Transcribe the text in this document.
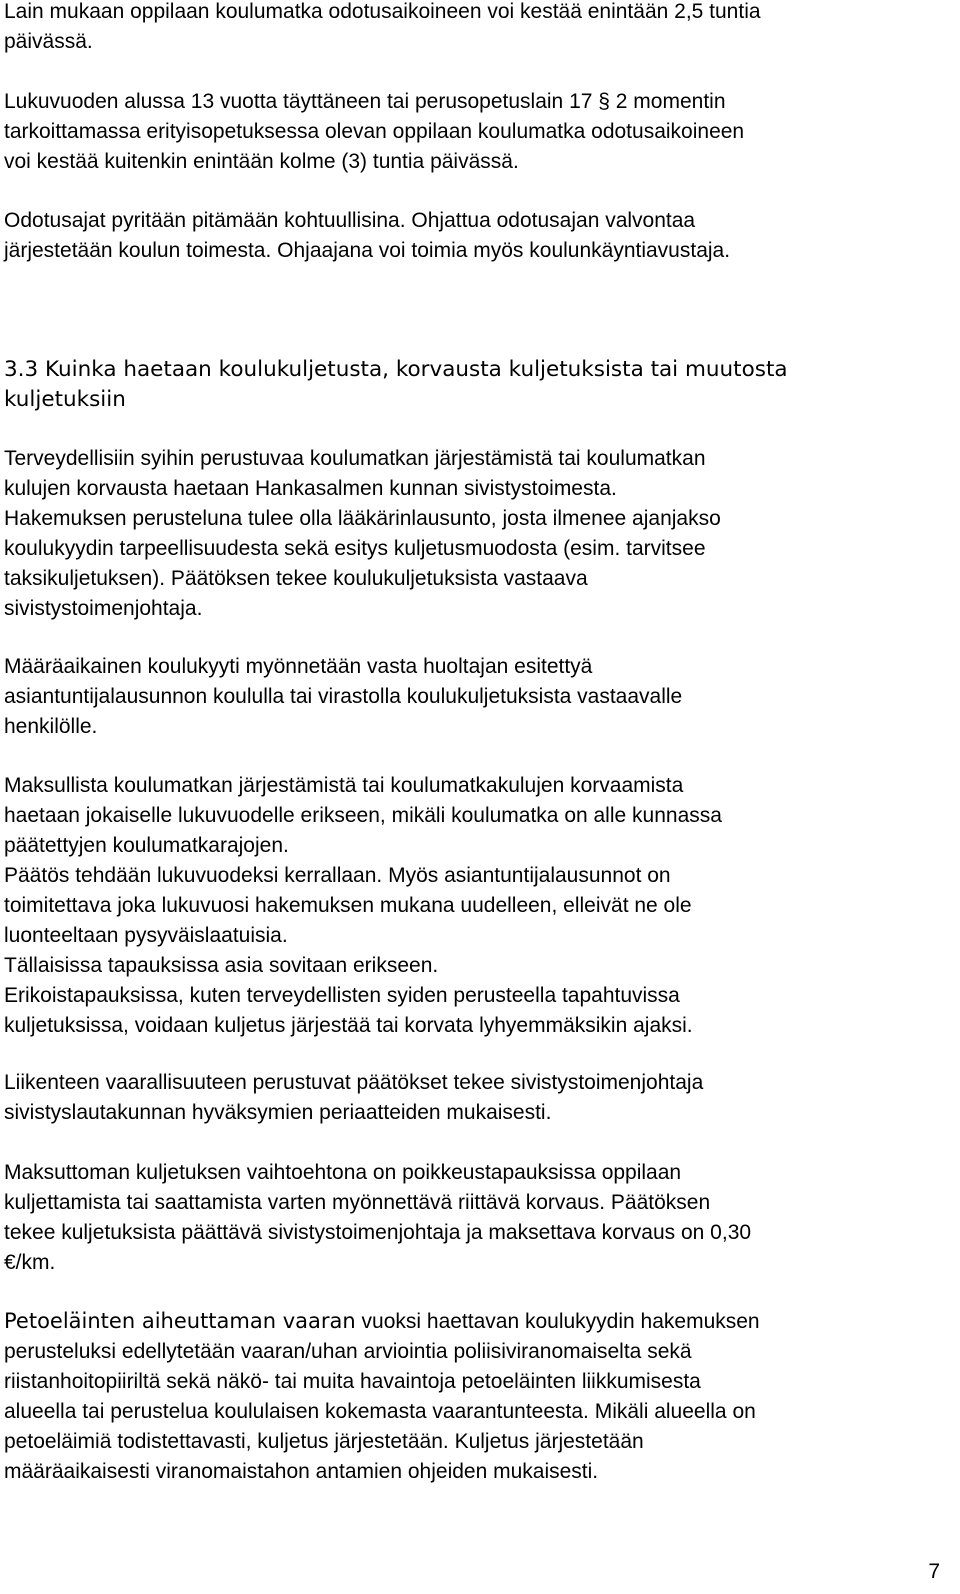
Lain mukaan oppilaan koulumatka odotusaikoineen voi kestää enintään 2,5 tuntia
päivässä.
Lukuvuoden alussa 13 vuotta täyttäneen tai perusopetuslain 17 § 2 momentin
tarkoittamassa erityisopetuksessa olevan oppilaan koulumatka odotusaikoineen
voi kestää kuitenkin enintään kolme (3) tuntia päivässä.
Odotusajat pyritään pitämään kohtuullisina. Ohjattua odotusajan valvontaa
järjestetään koulun toimesta. Ohjaajana voi toimia myös koulunkäyntiavustaja.
3.3 Kuinka haetaan koulukuljetusta, korvausta kuljetuksista tai muutosta
kuljetuksiin
Terveydellisiin syihin perustuvaa koulumatkan järjestämistä tai koulumatkan
kulujen korvausta haetaan Hankasalmen kunnan sivistystoimesta.
Hakemuksen perusteluna tulee olla lääkärinlausunto, josta ilmenee ajanjakso
koulukyydin tarpeellisuudesta sekä esitys kuljetusmuodosta (esim. tarvitsee
taksikuljetuksen). Päätöksen tekee koulukuljetuksista vastaava
sivistystoimenjohtaja.
Määräaikainen koulukyyti myönnetään vasta huoltajan esitettyä
asiantuntijalausunnon koululla tai virastolla koulukuljetuksista vastaavalle
henkilölle.
Maksullista koulumatkan järjestämistä tai koulumatkakulujen korvaamista
haetaan jokaiselle lukuvuodelle erikseen, mikäli koulumatka on alle kunnassa
päätettyjen koulumatkarajojen.
Päätös tehdään lukuvuodeksi kerrallaan. Myös asiantuntijalausunnot on
toimitettava joka lukuvuosi hakemuksen mukana uudelleen, elleivät ne ole
luonteeltaan pysyväislaatuisia.
Tällaisissa tapauksissa asia sovitaan erikseen.
Erikoistapauksissa, kuten terveydellisten syiden perusteella tapahtuvissa
kuljetuksissa, voidaan kuljetus järjestää tai korvata lyhyemmäksikin ajaksi.
Liikenteen vaarallisuuteen perustuvat päätökset tekee sivistystoimenjohtaja
sivistyslautakunnan hyväksymien periaatteiden mukaisesti.
Maksuttoman kuljetuksen vaihtoehtona on poikkeustapauksissa oppilaan
kuljettamista tai saattamista varten myönnettävä riittävä korvaus. Päätöksen
tekee kuljetuksista päättävä sivistystoimenjohtaja ja maksettava korvaus on 0,30
€/km.
Petoeläinten aiheuttaman vaaran vuoksi haettavan koulukyydin hakemuksen
perusteluksi edellytetään vaaran/uhan arviointia poliisiviranomaiselta sekä
riistanhoitopiiriltä sekä näkö- tai muita havaintoja petoeläinten liikkumisesta
alueella tai perustelua koululaisen kokemasta vaarantunteesta. Mikäli alueella on
petoeläimiä todistettavasti, kuljetus järjestetään. Kuljetus järjestetään
määräaikaisesti viranomaistahon antamien ohjeiden mukaisesti.
7
